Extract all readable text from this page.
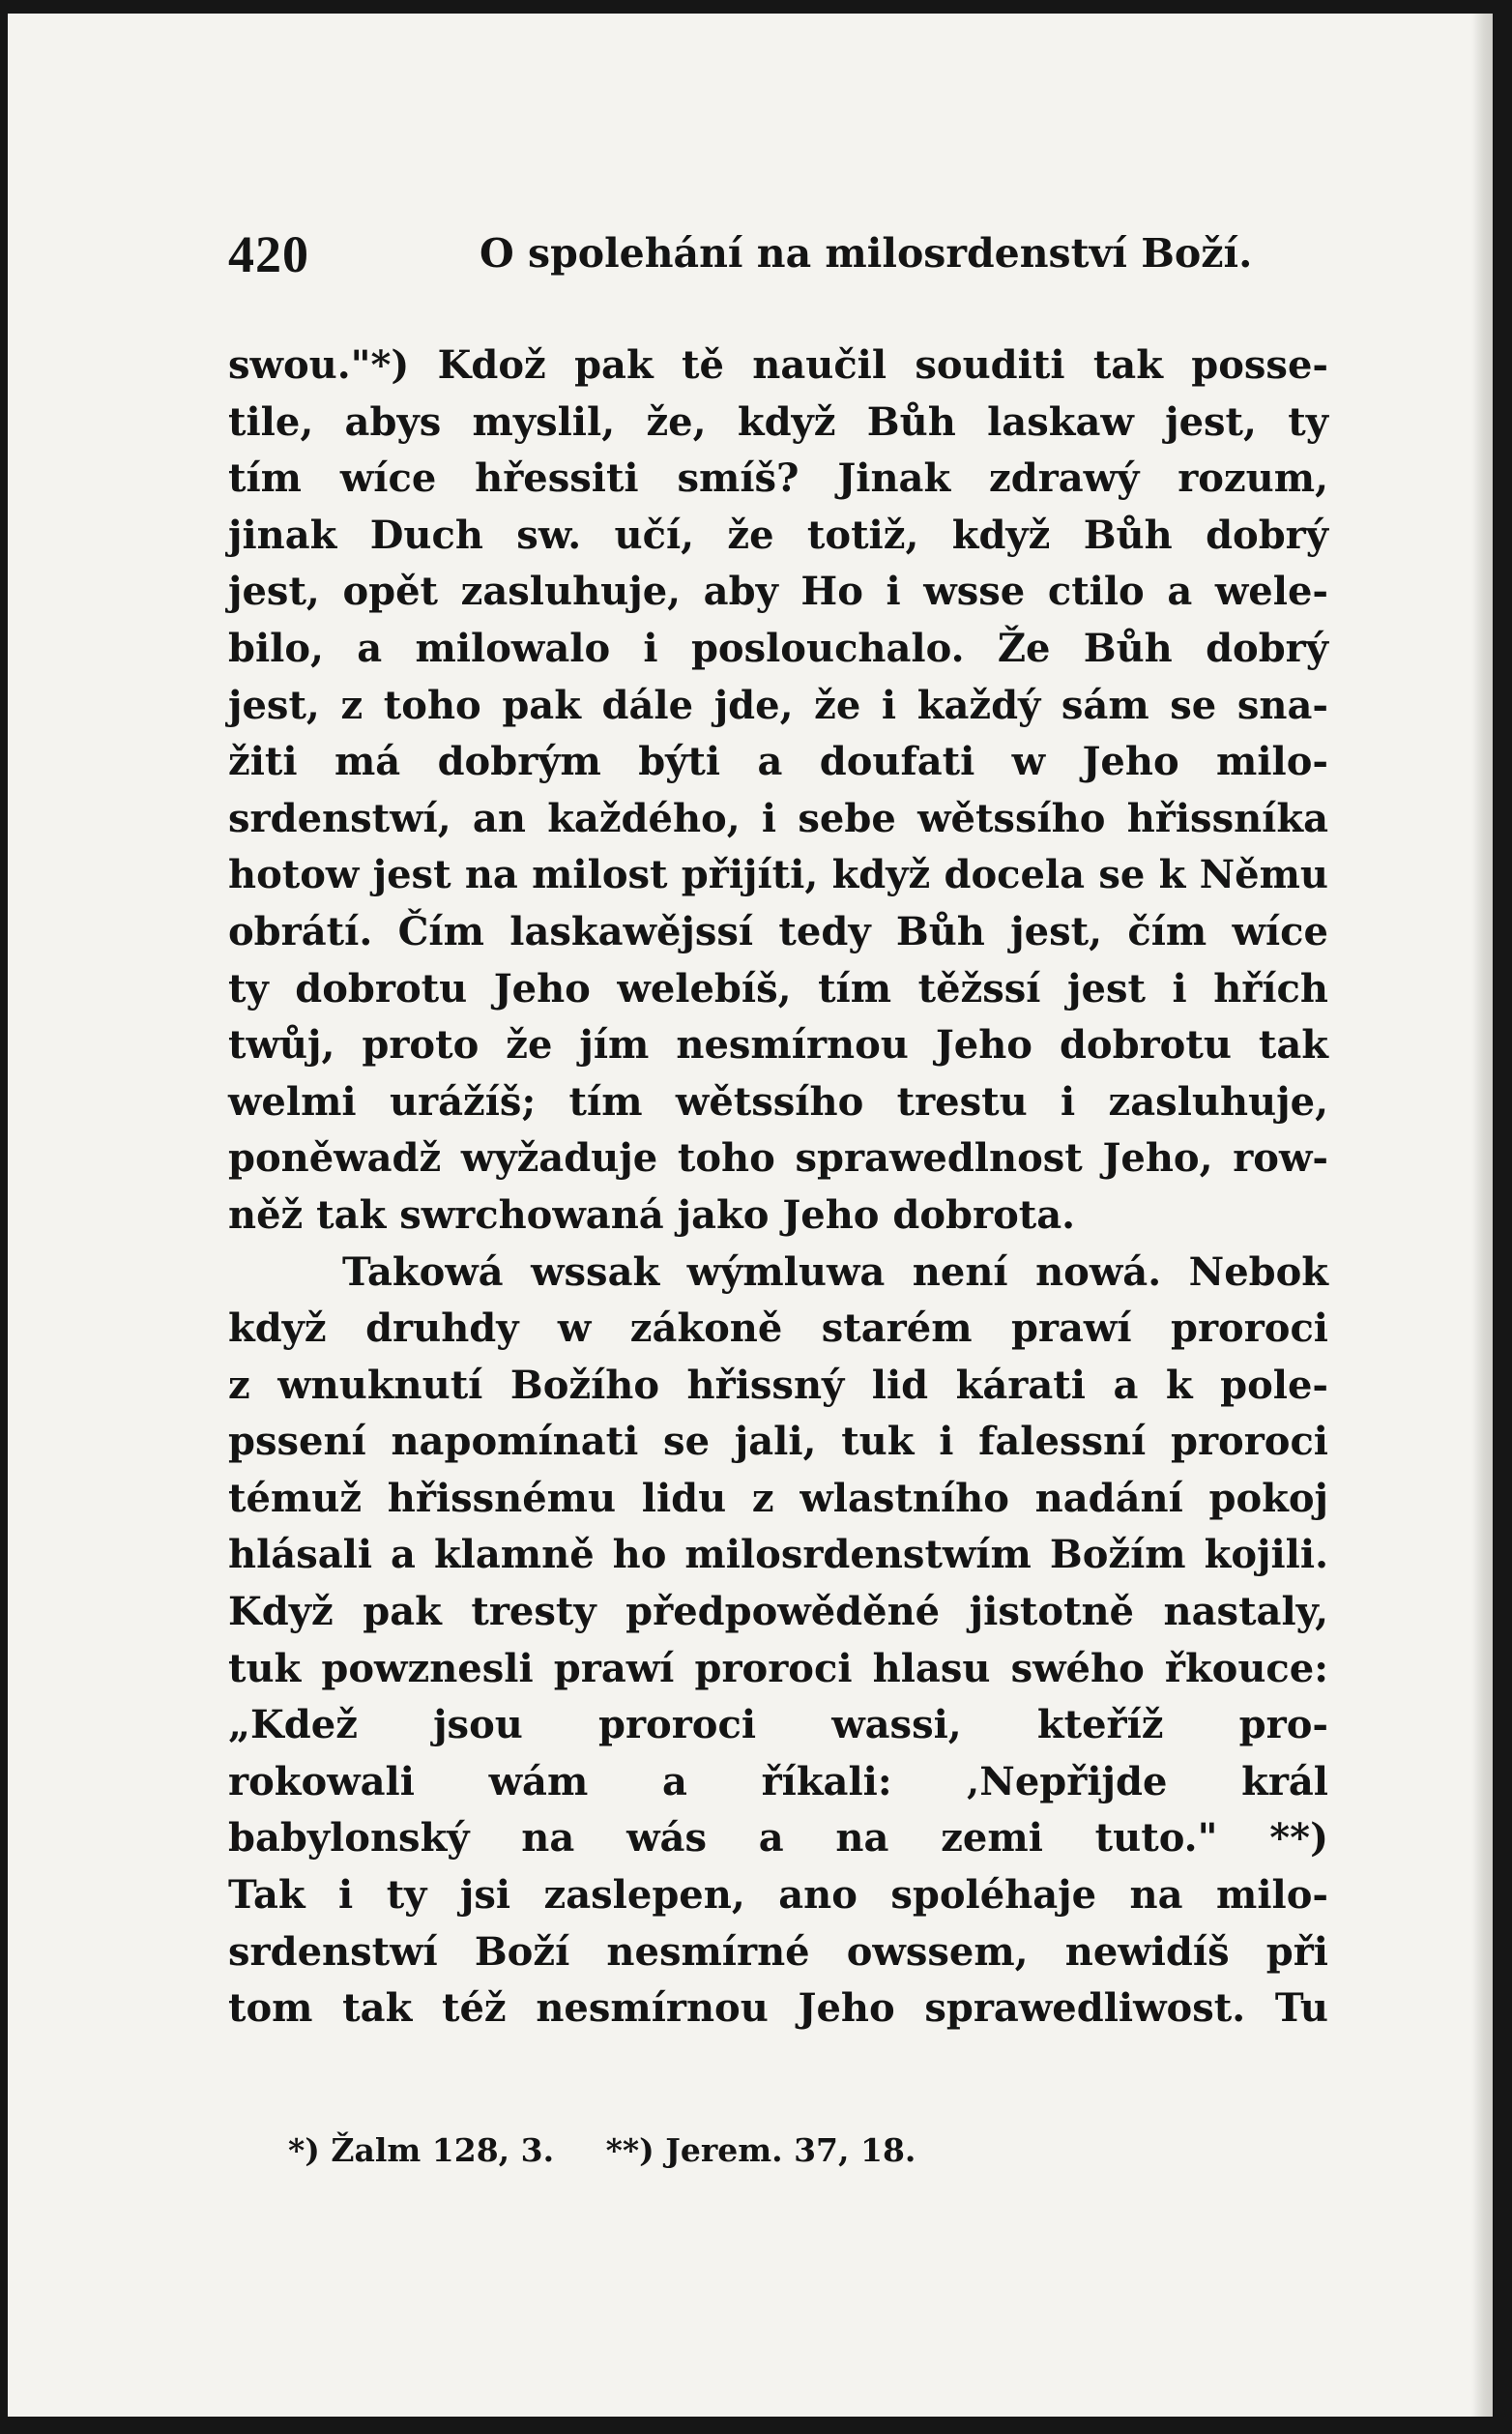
420	O spolehání na milosrdenství Boží.
swou."*) Kdož pak tě naučil souditi tak posse-
tile, abys myslil, že, když Bůh laskaw jest, ty
tím wíce hřessiti smíš? Jinak zdrawý rozum,
jinak Duch sw. učí, že totiž, když Bůh dobrý
jest, opět zasluhuje, aby Ho i wsse ctilo a wele-
bilo, a milowalo i poslouchalo. Že Bůh dobrý
jest, z toho pak dále jde, že i každý sám se sna-
žiti má dobrým býti a doufati w Jeho milo-
srdenstwí, an každého, i sebe wětssího hřissníka
hotow jest na milost přijíti, když docela se k Němu
obrátí. Čím laskawějssí tedy Bůh jest, čím wíce
ty dobrotu Jeho welebíš, tím těžssí jest i hřích
twůj, proto že jím nesmírnou Jeho dobrotu tak
welmi urážíš; tím wětssího trestu i zasluhuje,
poněwadž wyžaduje toho sprawedlnost Jeho, row-
něž tak swrchowaná jako Jeho dobrota.
Takowá wssak wýmluwa není nowá. Nebok
když druhdy w zákoně starém prawí proroci
z wnuknutí Božího hřissný lid kárati a k pole-
pssení napomínati se jali, tuk i falessní proroci
témuž hřissnému lidu z wlastního nadání pokoj
hlásali a klamně ho milosrdenstwím Božím kojili.
Když pak tresty předpowěděné jistotně nastaly,
tuk powznesli prawí proroci hlasu swého řkouce:
„Kdež jsou proroci wassi, kteříž pro-
rokowali wám a říkali: ‚Nepřijde král
babylonský na wás a na zemi tuto." **)
Tak i ty jsi zaslepen, ano spoléhaje na milo-
srdenstwí Boží nesmírné owssem, newidíš při
tom tak též nesmírnou Jeho sprawedliwost. Tu
*) Žalm 128, 3. **) Jerem. 37, 18.
